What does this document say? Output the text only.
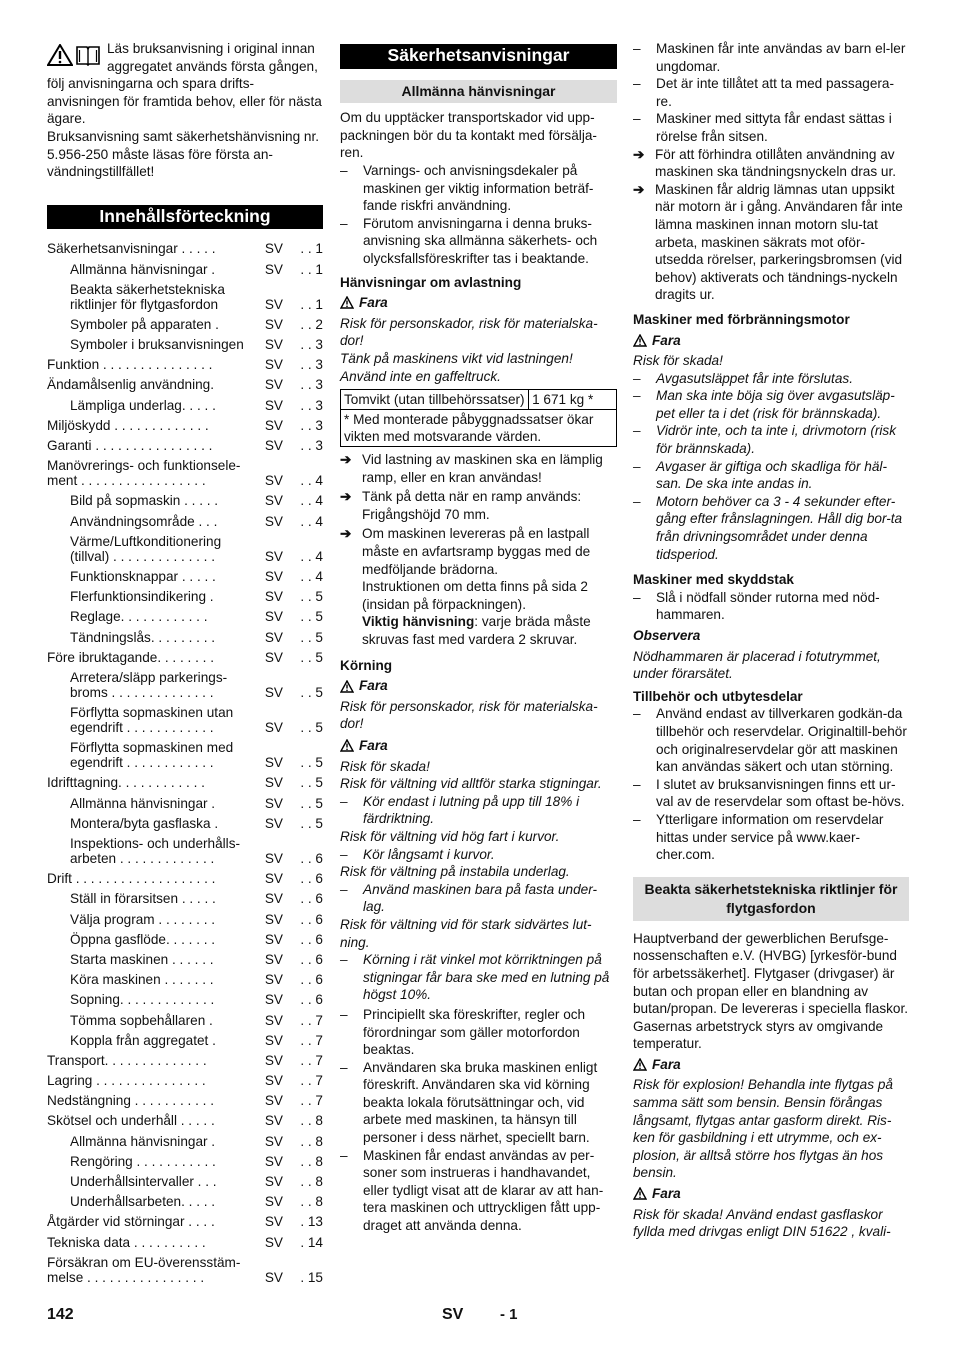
Läs bruksanvisning i original innan aggregatet används första gången, följ anvisningarna och spara drifts-anvisningen för framtida behov, eller för nästa ägare.

Bruksanvisning samt säkerhetshänvisning nr. 5.956-250 måste läsas före första an-vändningstillfället!

Innehållsförteckning
Säkerhetsanvisningar . . . . .	SV . . 1
Allmänna hänvisningar .	SV . . 1
Beakta säkerhetstekniska riktlinjer för flytgasfordon	SV . . 1
Symboler på apparaten .	SV . . 2
Symboler i bruksanvisningen	SV . . 3
Funktion . . . . . . . . . . . . . . .	SV . . 3
Ändamålsenlig användning.	SV . . 3
Lämpliga underlag. . . . .	SV . . 3
Miljöskydd . . . . . . . . . . . . .	SV . . 3
Garanti . . . . . . . . . . . . . . . .	SV . . 3
Manövrerings- och funktionsele-ment . . . . . . . . . . . . . . . . .	SV . . 4
Bild på sopmaskin . . . . .	SV . . 4
Användningsområde . . .	SV . . 4
Värme/Luftkonditionering (tillval) . . . . . . . . . . . . . .	SV . . 4
Funktionsknappar . . . . .	SV . . 4
Flerfunktionsindikering .	SV . . 5
Reglage. . . . . . . . . . . .	SV . . 5
Tändningslås. . . . . . . . .	SV . . 5
Före ibruktagande. . . . . . . .	SV . . 5
Arretera/släpp parkerings-broms . . . . . . . . . . . . . .	SV . . 5
Förflytta sopmaskinen utan egendrift . . . . . . . . . . . .	SV . . 5
Förflytta sopmaskinen med egendrift . . . . . . . . . . . .	SV . . 5
Idrifttagning. . . . . . . . . . . .	SV . . 5
Allmänna hänvisningar .	SV . . 5
Montera/byta gasflaska .	SV . . 5
Inspektions- och underhålls-arbeten . . . . . . . . . . . . .	SV . . 6
Drift . . . . . . . . . . . . . . . . . . .	SV . . 6
Ställ in förarsitsen . . . . .	SV . . 6
Välja program . . . . . . . .	SV . . 6
Öppna gasflöde. . . . . . .	SV . . 6
Starta maskinen . . . . . .	SV . . 6
Köra maskinen . . . . . . .	SV . . 6
Sopning. . . . . . . . . . . . .	SV . . 6
Tömma sopbehållaren .	SV . . 7
Koppla från aggregatet .	SV . . 7
Transport. . . . . . . . . . . . . .	SV . . 7
Lagring . . . . . . . . . . . . . . .	SV . . 7
Nedstängning . . . . . . . . . . .	SV . . 7
Skötsel och underhåll . . . . .	SV . . 8
Allmänna hänvisningar .	SV . . 8
Rengöring . . . . . . . . . . .	SV . . 8
Underhållsintervaller . . .	SV . . 8
Underhållsarbeten. . . . .	SV . . 8
Åtgärder vid störningar . . . .	SV . 13
Tekniska data . . . . . . . . . .	SV . 14
Försäkran om EU-överensstäm-melse . . . . . . . . . . . . . . . .	SV . 15
Säkerhetsanvisningar
Allmänna hänvisningar

Om du upptäcker transportskador vid upp-packningen bör du ta kontakt med försälja-ren.

– Varnings- och anvisningsdekaler på maskinen ger viktig information beträf-fande riskfri användning.
– Förutom anvisningarna i denna bruks-anvisning ska allmänna säkerhets- och olycksfallsföreskrifter tas i beaktande.

Hänvisningar om avlastning

Fara

Risk för personskador, risk för materialska-dor!

Tänk på maskinens vikt vid lastningen!

Använd inte en gaffeltruck.

Tomvikt (utan tillbehörssatser)	1 671 kg *
* Med monterade påbyggnadssatser ökar vikten med motsvarande värden.
➔ Vid lastning av maskinen ska en lämplig ramp, eller en kran användas!
➔ Tänk på detta när en ramp används: Frigångshöjd 70 mm.
➔ Om maskinen levereras på en lastpall måste en avfartsramp byggas med de medföljande brädorna.

Instruktionen om detta finns på sida 2 (insidan på förpackningen).

Viktig hänvisning: varje bräda måste skruvas fast med vardera 2 skruvar.

Körning

Fara

Risk för personskador, risk för materialska-dor!

Fara

Risk för skada!

Risk för vältning vid alltför starka stigningar.

– Kör endast i lutning på upp till 18% i färdriktning.

Risk för vältning vid hög fart i kurvor.

– Kör långsamt i kurvor.

Risk för vältning på instabila underlag.

– Använd maskinen bara på fasta under-lag.

Risk för vältning vid för stark sidvärtes lut-ning.

– Körning i rät vinkel mot körriktningen på stigningar får bara ske med en lutning på högst 10%.
– Principiellt ska föreskrifter, regler och förordningar som gäller motorfordon beaktas.
– Användaren ska bruka maskinen enligt föreskrift. Användaren ska vid körning beakta lokala förutsättningar och, vid arbete med maskinen, ta hänsyn till personer i dess närhet, speciellt barn.
– Maskinen får endast användas av per-soner som instrueras i handhavandet, eller tydligt visat att de klarar av att han-tera maskinen och uttryckligen fått upp-draget att använda denna.
– Maskinen får inte användas av barn el-ler ungdomar.
– Det är inte tillåtet att ta med passagera-re.
– Maskiner med sittyta får endast sättas i rörelse från sitsen.
➔ För att förhindra otillåten användning av maskinen ska tändningsnyckeln dras ur.
➔ Maskinen får aldrig lämnas utan uppsikt när motorn är i gång. Användaren får inte lämna maskinen innan motorn slu-tat arbeta, maskinen säkrats mot oför-utsedda rörelser, parkeringsbromsen (vid behov) aktiverats och tändnings-nyckeln dragits ur.

Maskiner med förbränningsmotor

Fara

Risk för skada!

– Avgasutsläppet får inte förslutas.
– Man ska inte böja sig över avgasutsläp-pet eller ta i det (risk för brännskada).
– Vidrör inte, och ta inte i, drivmotorn (risk för brännskada).
– Avgaser är giftiga och skadliga för häl-san. De ska inte andas in.
– Motorn behöver ca 3 - 4 sekunder efter-gång efter frånslagningen. Håll dig bor-ta från drivningsområdet under denna tidsperiod.

Maskiner med skyddstak

– Slå i nödfall sönder rutorna med nöd-hammaren.

Observera

Nödhammaren är placerad i fotutrymmet, under förarsätet.

Tillbehör och utbytesdelar

– Använd endast av tillverkaren godkän-da tillbehör och reservdelar. Originaltill-behör och originalreservdelar gör att maskinen kan användas säkert och utan störning.
– I slutet av bruksanvisningen finns ett ur-val av de reservdelar som oftast be-hövs.
– Ytterligare information om reservdelar hittas under service på www.kaer-cher.com.
Beakta säkerhetstekniska riktlinjer för flytgasfordon

Hauptverband der gewerblichen Berufsge-nossenschaften e.V. (HVBG) [yrkesför-bund för arbetssäkerhet]. Flytgaser (drivgaser) är butan och propan eller en blandning av butan/propan. De levereras i speciella flaskor. Gasernas arbetstryck styrs av omgivande temperatur.

Fara

Risk för explosion! Behandla inte flytgas på samma sätt som bensin. Bensin förångas långsamt, flytgas antar gasform direkt. Ris-ken för gasbildning i ett utrymme, och ex-plosion, är alltså större hos flytgas än hos bensin.

Fara

Risk för skada! Använd endast gasflaskor fyllda med drivgas enligt DIN 51622 , kvali-

142	SV - 1
